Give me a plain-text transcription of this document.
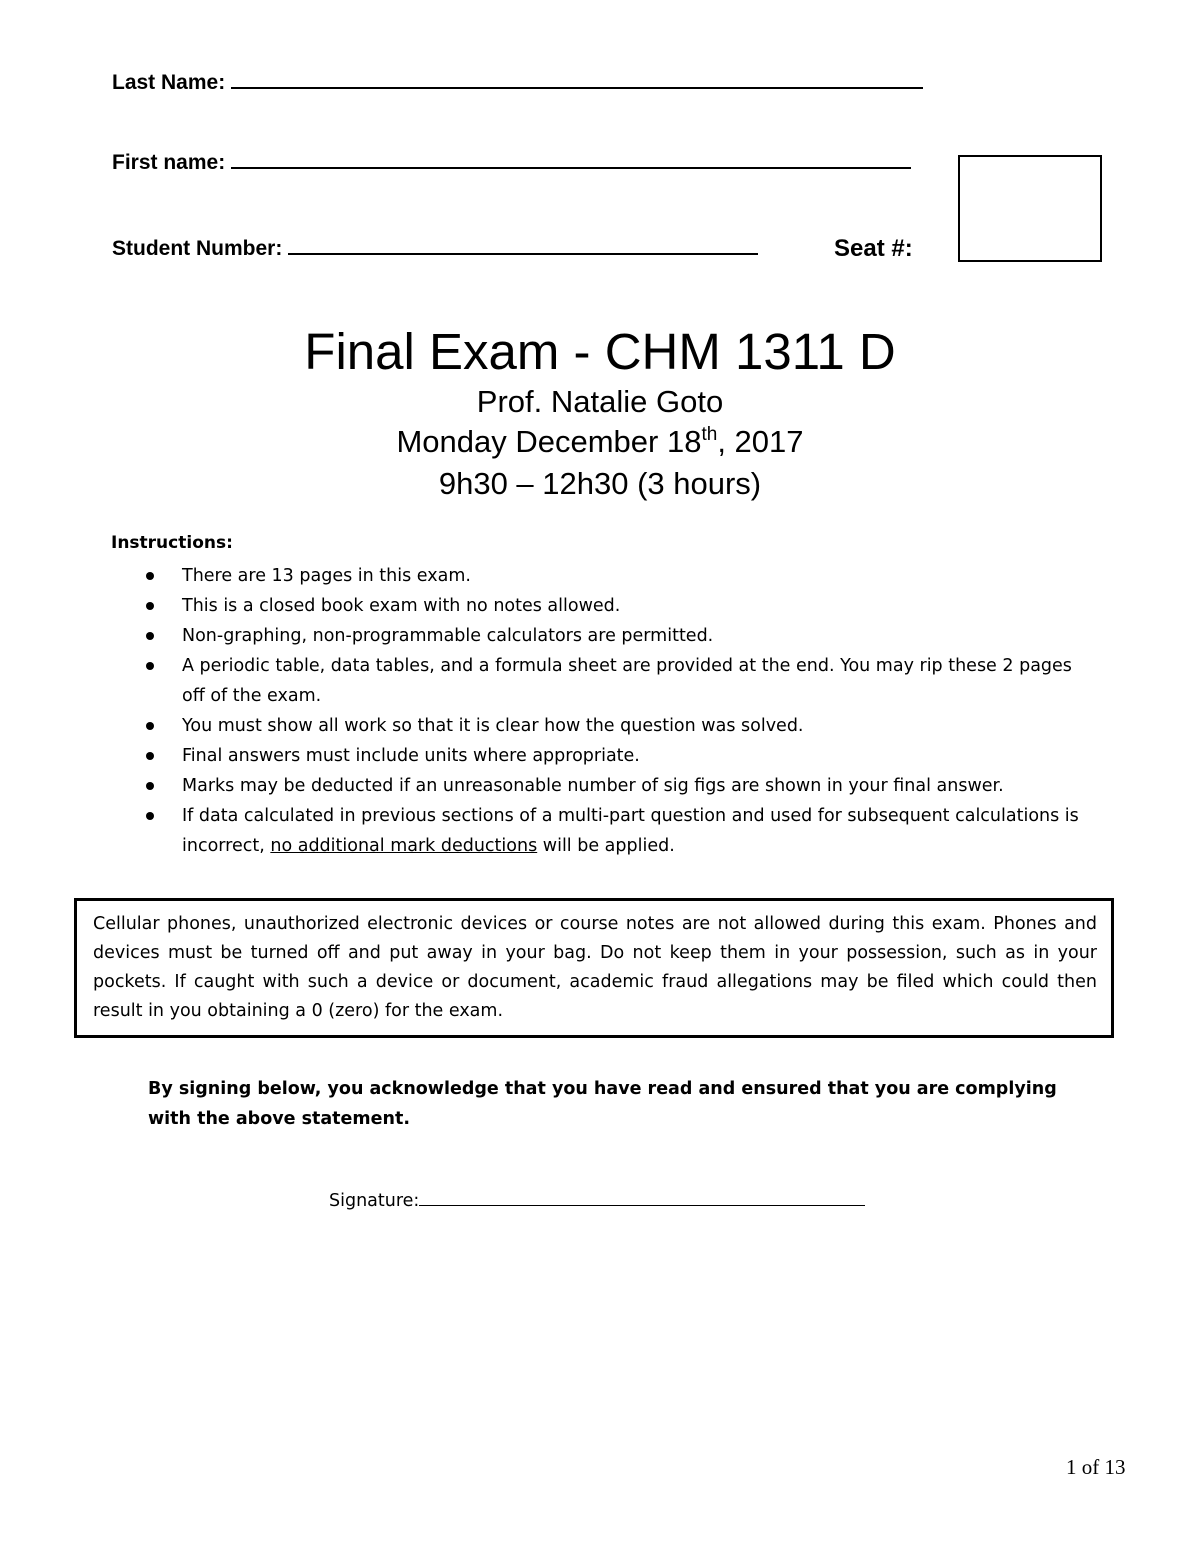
Last Name:
First name:
Student Number:	Seat #:
Final Exam - CHM 1311 D
Prof. Natalie Goto
Monday December 18th, 2017
9h30 – 12h30 (3 hours)
Instructions:
There are 13 pages in this exam.
This is a closed book exam with no notes allowed.
Non-graphing, non-programmable calculators are permitted.
A periodic table, data tables, and a formula sheet are provided at the end. You may rip these 2 pages off of the exam.
You must show all work so that it is clear how the question was solved.
Final answers must include units where appropriate.
Marks may be deducted if an unreasonable number of sig figs are shown in your final answer.
If data calculated in previous sections of a multi-part question and used for subsequent calculations is incorrect, no additional mark deductions will be applied.

Cellular phones, unauthorized electronic devices or course notes are not allowed during this exam. Phones and devices must be turned off and put away in your bag. Do not keep them in your possession, such as in your pockets. If caught with such a device or document, academic fraud allegations may be filed which could then result in you obtaining a 0 (zero) for the exam.

By signing below, you acknowledge that you have read and ensured that you are complying with the above statement.
Signature:
1 of 13
